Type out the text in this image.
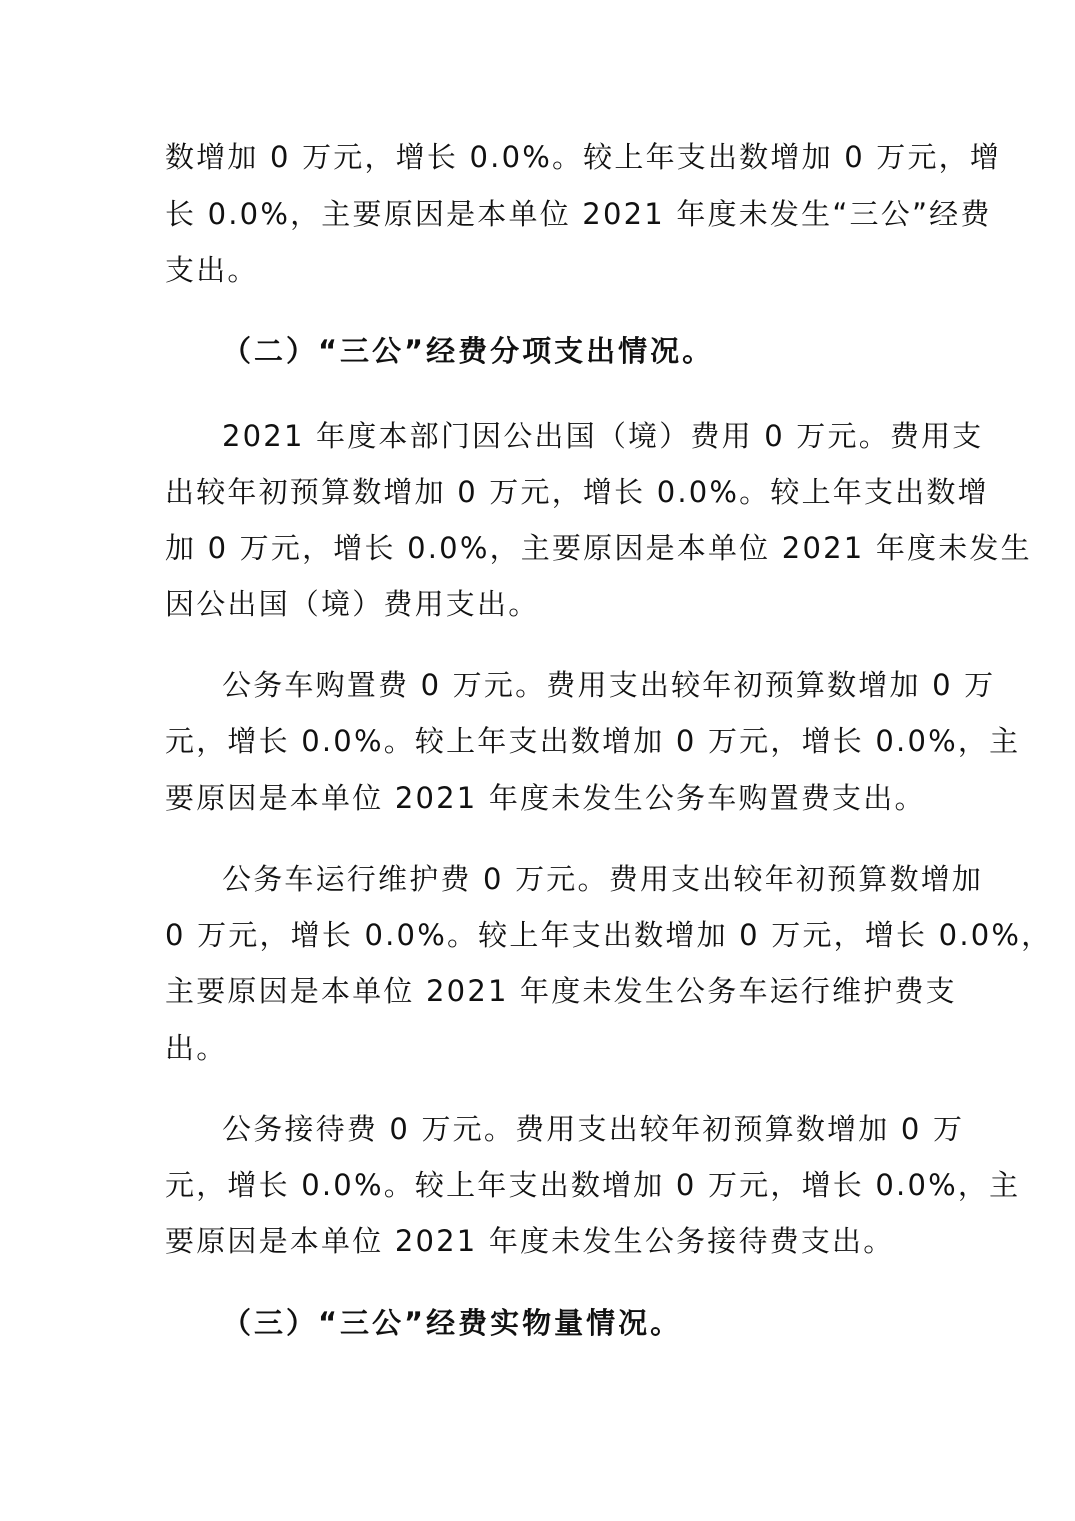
数增加 0 万元，增长 0.0%。较上年支出数增加 0 万元，增
长 0.0%，主要原因是本单位 2021 年度未发生“三公”经费
支出。
（二）“三公”经费分项支出情况。
2021 年度本部门因公出国（境）费用 0 万元。费用支
出较年初预算数增加 0 万元，增长 0.0%。较上年支出数增
加 0 万元，增长 0.0%，主要原因是本单位 2021 年度未发生
因公出国（境）费用支出。
公务车购置费 0 万元。费用支出较年初预算数增加 0 万
元，增长 0.0%。较上年支出数增加 0 万元，增长 0.0%，主
要原因是本单位 2021 年度未发生公务车购置费支出。
公务车运行维护费 0 万元。费用支出较年初预算数增加
0 万元，增长 0.0%。较上年支出数增加 0 万元，增长 0.0%，
主要原因是本单位 2021 年度未发生公务车运行维护费支
出。
公务接待费 0 万元。费用支出较年初预算数增加 0 万
元，增长 0.0%。较上年支出数增加 0 万元，增长 0.0%，主
要原因是本单位 2021 年度未发生公务接待费支出。
（三）“三公”经费实物量情况。
